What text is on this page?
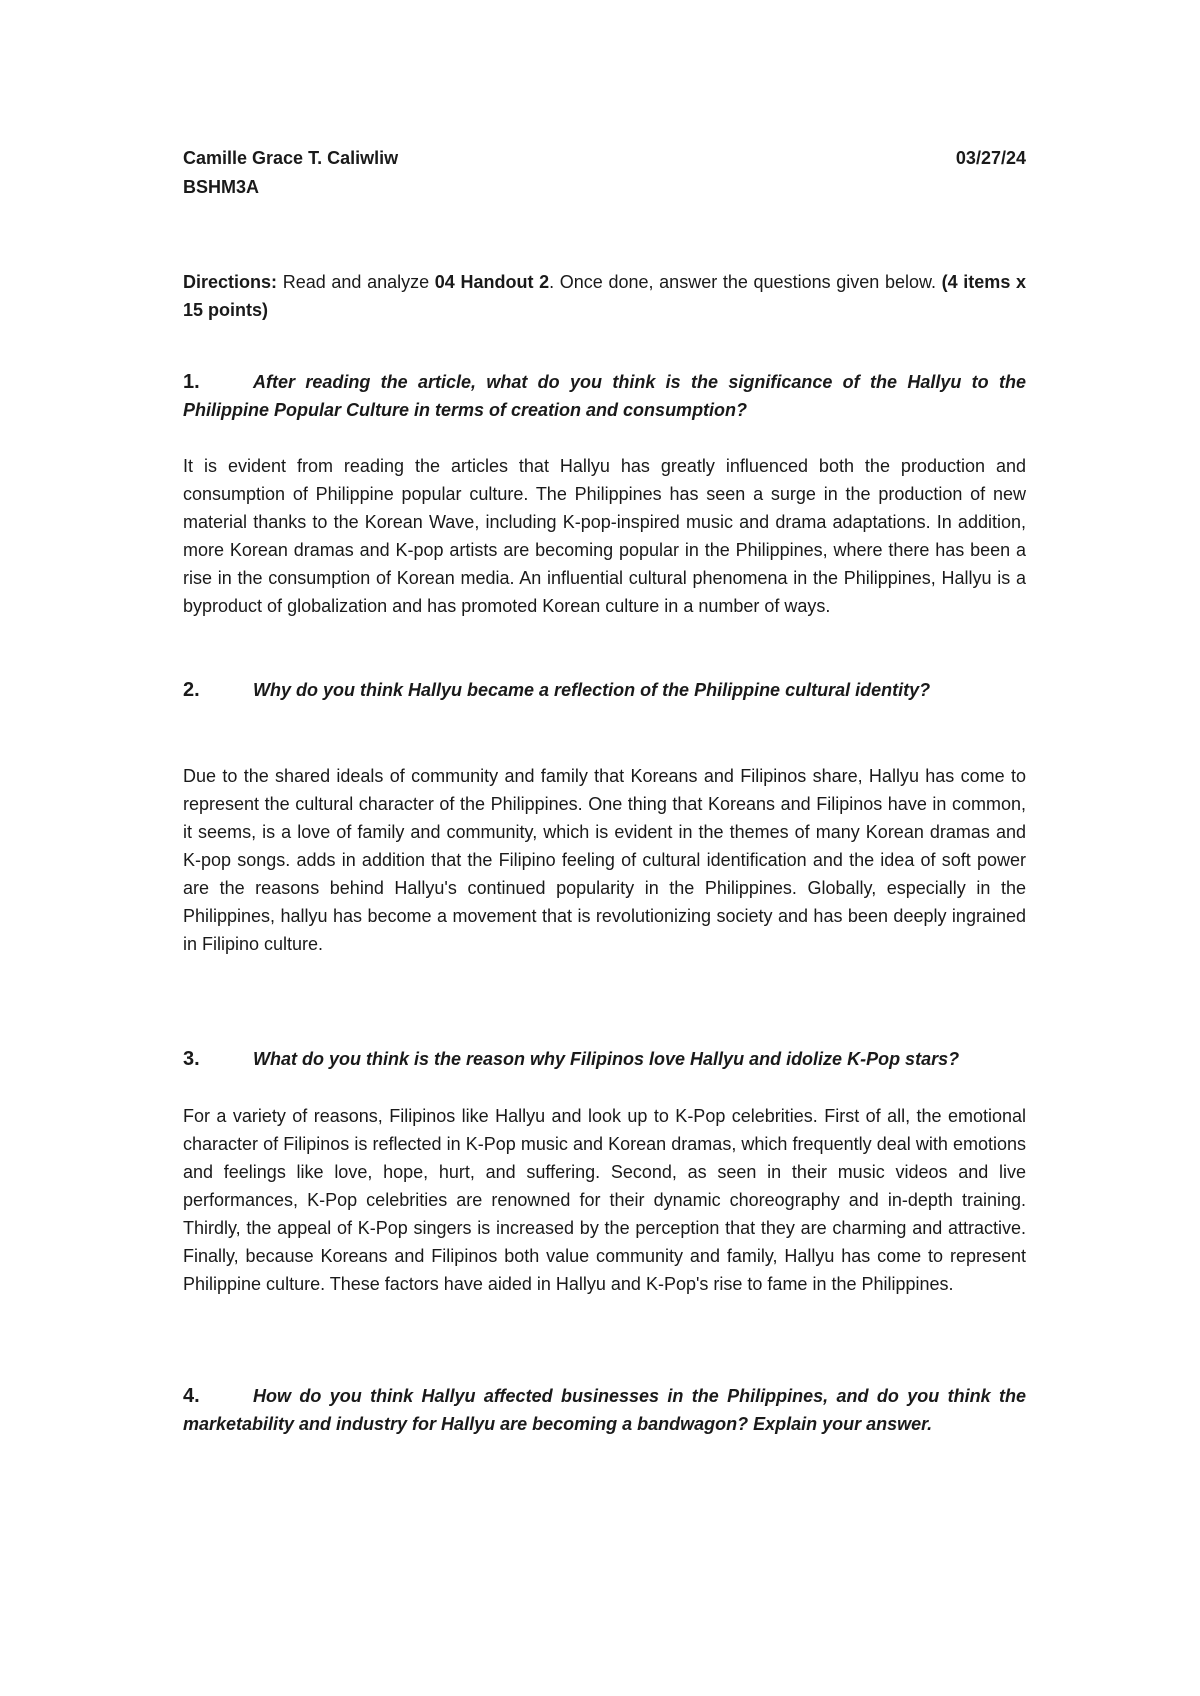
Camille Grace T. Caliwliw	03/27/24
BSHM3A
Directions: Read and analyze 04 Handout 2. Once done, answer the questions given below. (4 items x 15 points)
1.	After reading the article, what do you think is the significance of the Hallyu to the Philippine Popular Culture in terms of creation and consumption?
It is evident from reading the articles that Hallyu has greatly influenced both the production and consumption of Philippine popular culture. The Philippines has seen a surge in the production of new material thanks to the Korean Wave, including K-pop-inspired music and drama adaptations. In addition, more Korean dramas and K-pop artists are becoming popular in the Philippines, where there has been a rise in the consumption of Korean media. An influential cultural phenomena in the Philippines, Hallyu is a byproduct of globalization and has promoted Korean culture in a number of ways.
2.	Why do you think Hallyu became a reflection of the Philippine cultural identity?
Due to the shared ideals of community and family that Koreans and Filipinos share, Hallyu has come to represent the cultural character of the Philippines. One thing that Koreans and Filipinos have in common, it seems, is a love of family and community, which is evident in the themes of many Korean dramas and K-pop songs. adds in addition that the Filipino feeling of cultural identification and the idea of soft power are the reasons behind Hallyu's continued popularity in the Philippines. Globally, especially in the Philippines, hallyu has become a movement that is revolutionizing society and has been deeply ingrained in Filipino culture.
3.	What do you think is the reason why Filipinos love Hallyu and idolize K-Pop stars?
For a variety of reasons, Filipinos like Hallyu and look up to K-Pop celebrities. First of all, the emotional character of Filipinos is reflected in K-Pop music and Korean dramas, which frequently deal with emotions and feelings like love, hope, hurt, and suffering. Second, as seen in their music videos and live performances, K-Pop celebrities are renowned for their dynamic choreography and in-depth training. Thirdly, the appeal of K-Pop singers is increased by the perception that they are charming and attractive. Finally, because Koreans and Filipinos both value community and family, Hallyu has come to represent Philippine culture. These factors have aided in Hallyu and K-Pop's rise to fame in the Philippines.
4.	How do you think Hallyu affected businesses in the Philippines, and do you think the marketability and industry for Hallyu are becoming a bandwagon? Explain your answer.
